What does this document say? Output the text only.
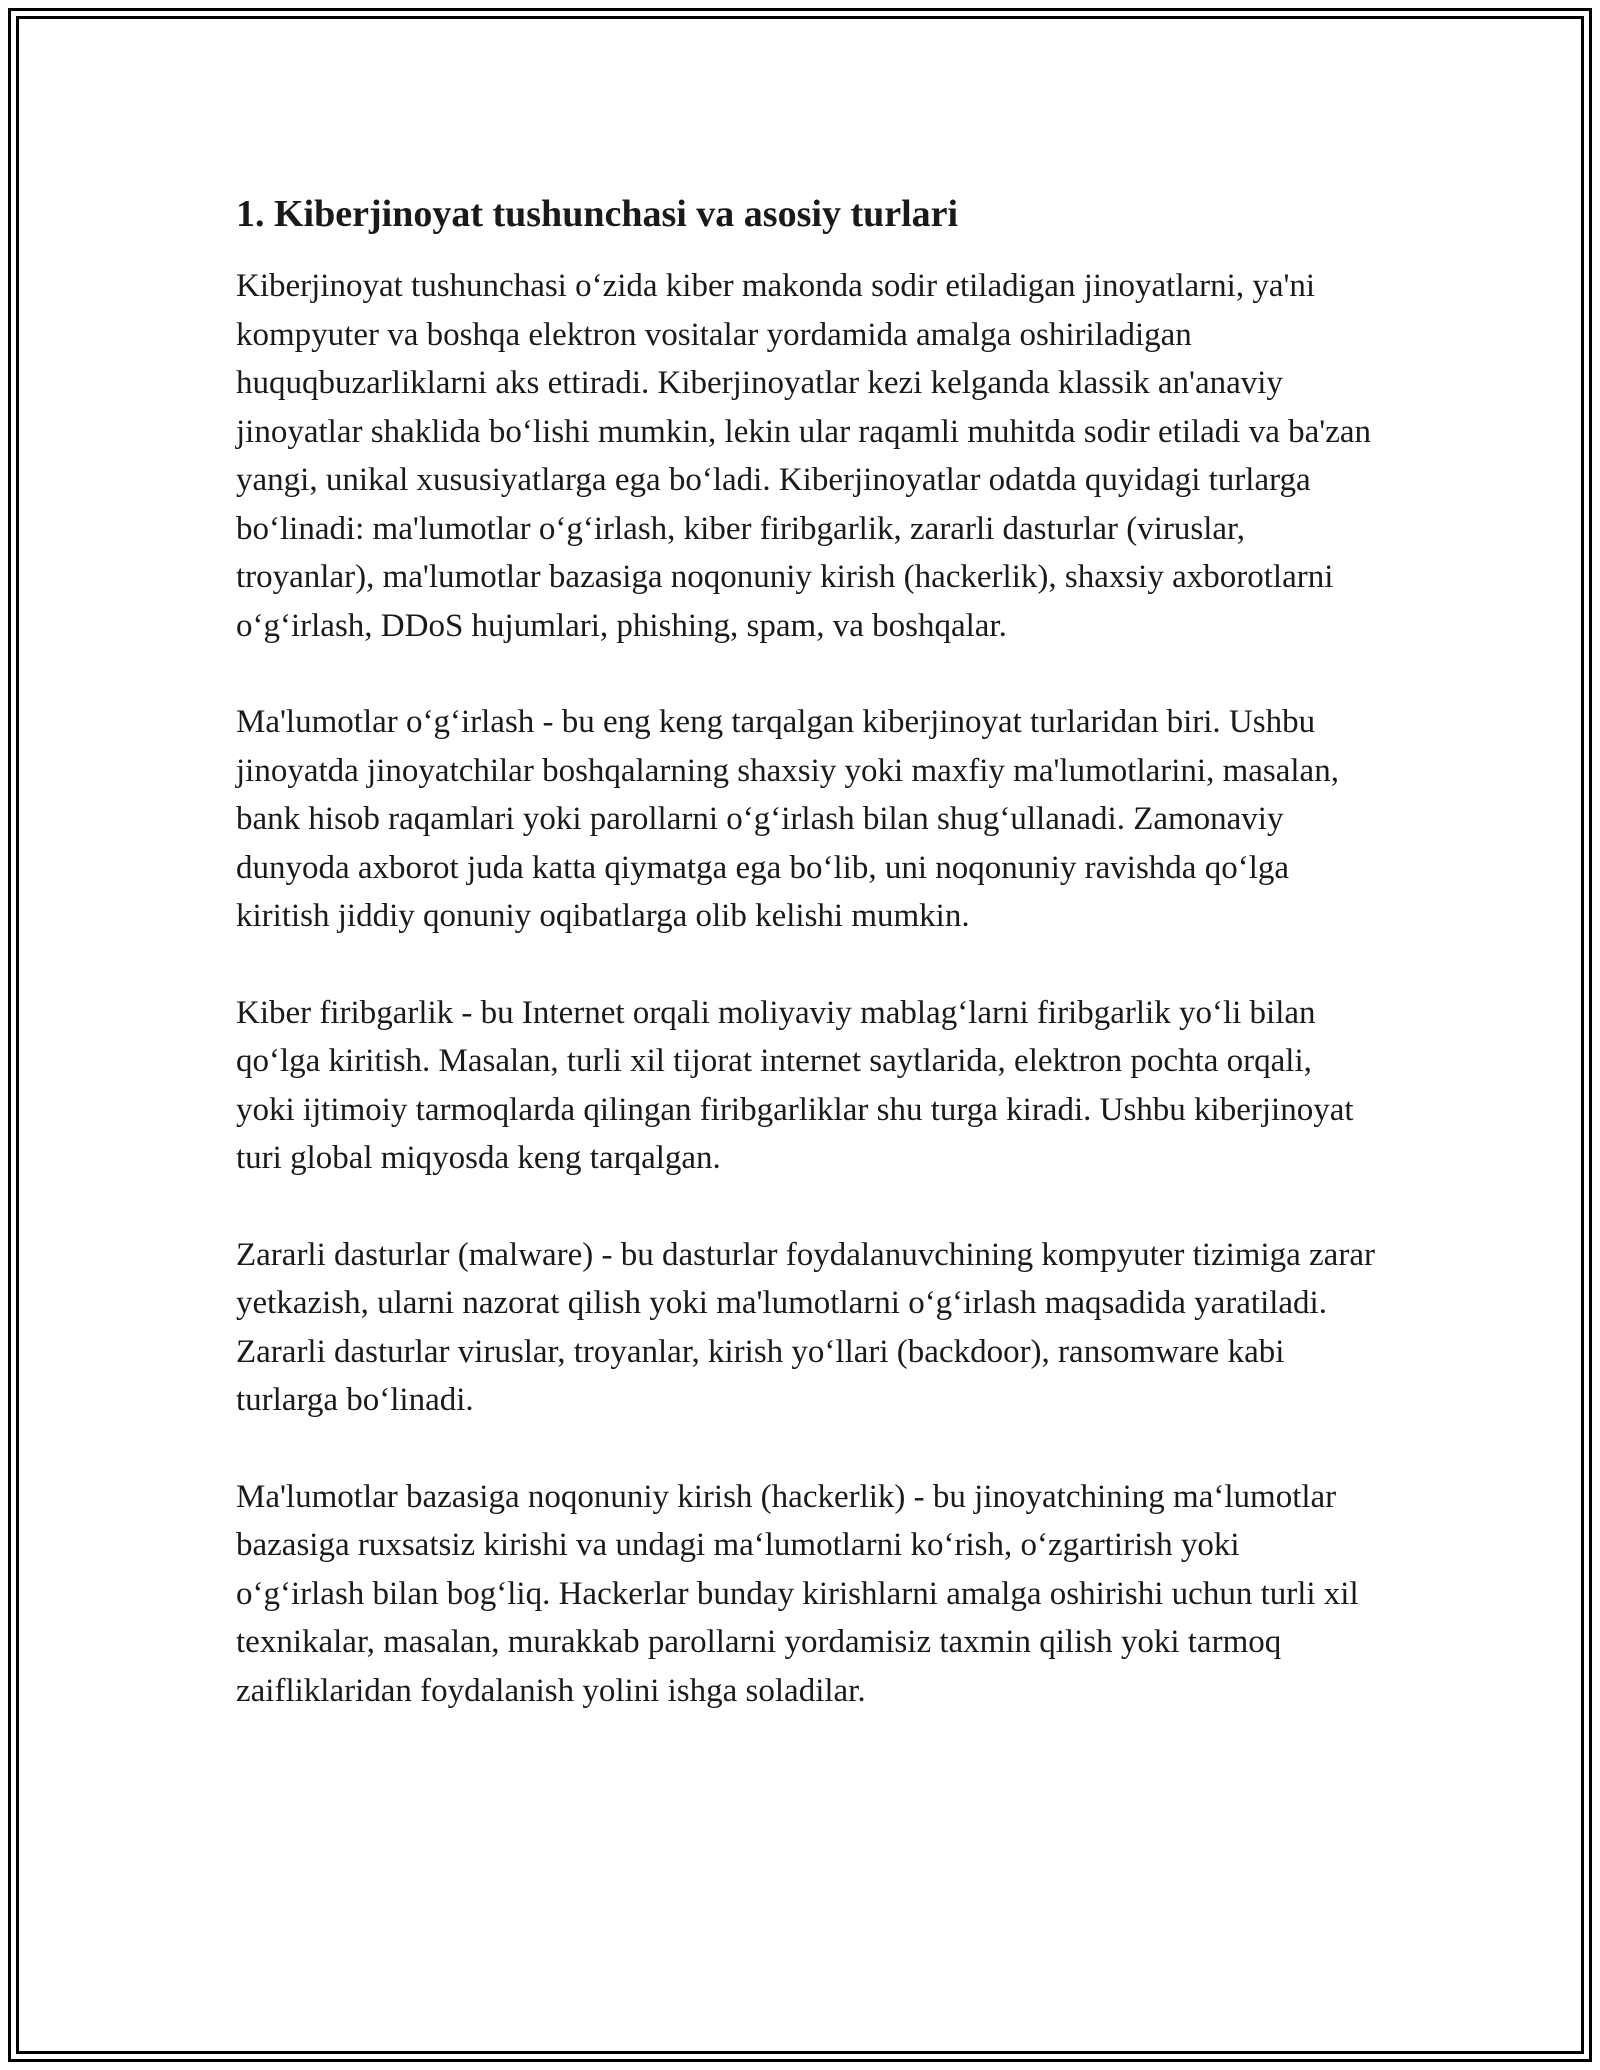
1. Kiberjinoyat tushunchasi va asosiy turlari

Kiberjinoyat tushunchasi o‘zida kiber makonda sodir etiladigan jinoyatlarni, ya'ni kompyuter va boshqa elektron vositalar yordamida amalga oshiriladigan huquqbuzarliklarni aks ettiradi. Kiberjinoyatlar kezi kelganda klassik an'anaviy jinoyatlar shaklida bo‘lishi mumkin, lekin ular raqamli muhitda sodir etiladi va ba'zan yangi, unikal xususiyatlarga ega bo‘ladi. Kiberjinoyatlar odatda quyidagi turlarga bo‘linadi: ma'lumotlar o‘g‘irlash, kiber firibgarlik, zararli dasturlar (viruslar, troyanlar), ma'lumotlar bazasiga noqonuniy kirish (hackerlik), shaxsiy axborotlarni o‘g‘irlash, DDoS hujumlari, phishing, spam, va boshqalar.

Ma'lumotlar o‘g‘irlash - bu eng keng tarqalgan kiberjinoyat turlaridan biri. Ushbu jinoyatda jinoyatchilar boshqalarning shaxsiy yoki maxfiy ma'lumotlarini, masalan, bank hisob raqamlari yoki parollarni o‘g‘irlash bilan shug‘ullanadi. Zamonaviy dunyoda axborot juda katta qiymatga ega bo‘lib, uni noqonuniy ravishda qo‘lga kiritish jiddiy qonuniy oqibatlarga olib kelishi mumkin.

Kiber firibgarlik - bu Internet orqali moliyaviy mablag‘larni firibgarlik yo‘li bilan qo‘lga kiritish. Masalan, turli xil tijorat internet saytlarida, elektron pochta orqali, yoki ijtimoiy tarmoqlarda qilingan firibgarliklar shu turga kiradi. Ushbu kiberjinoyat turi global miqyosda keng tarqalgan.

Zararli dasturlar (malware) - bu dasturlar foydalanuvchining kompyuter tizimiga zarar yetkazish, ularni nazorat qilish yoki ma'lumotlarni o‘g‘irlash maqsadida yaratiladi. Zararli dasturlar viruslar, troyanlar, kirish yo‘llari (backdoor), ransomware kabi turlarga bo‘linadi.

Ma'lumotlar bazasiga noqonuniy kirish (hackerlik) - bu jinoyatchining ma‘lumotlar bazasiga ruxsatsiz kirishi va undagi ma‘lumotlarni ko‘rish, o‘zgartirish yoki o‘g‘irlash bilan bog‘liq. Hackerlar bunday kirishlarni amalga oshirishi uchun turli xil texnikalar, masalan, murakkab parollarni yordamisiz taxmin qilish yoki tarmoq zaifliklaridan foydalanish yolini ishga soladilar.
